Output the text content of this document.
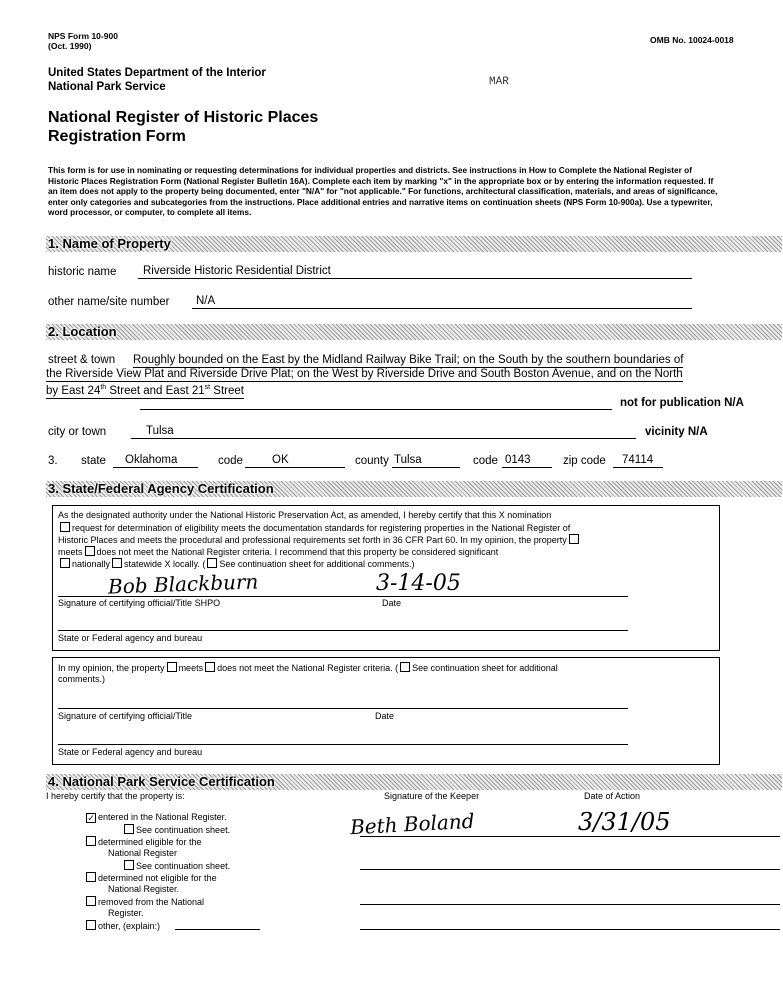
NPS Form 10-900
(Oct. 1990)
OMB No. 10024-0018
United States Department of the Interior
National Park Service	MAR
National Register of Historic Places
Registration Form
This form is for use in nominating or requesting determinations for individual properties and districts. See instructions in How to Complete the National Register of Historic Places Registration Form (National Register Bulletin 16A). Complete each item by marking "x" in the appropriate box or by entering the information requested. If an item does not apply to the property being documented, enter "N/A" for "not applicable." For functions, architectural classification, materials, and areas of significance, enter only categories and subcategories from the instructions. Place additional entries and narrative items on continuation sheets (NPS Form 10-900a). Use a typewriter, word processor, or computer, to complete all items.
1. Name of Property
historic name Riverside Historic Residential District
other name/site number N/A
2. Location
street & town Roughly bounded on the East by the Midland Railway Bike Trail; on the South by the southern boundaries of
the Riverside View Plat and Riverside Drive Plat; on the West by Riverside Drive and South Boston Avenue, and on the North
by East 24th Street and East 21st Street
not for publication N/A
city or town	Tulsa	vicinity N/A
3. state Oklahoma	code	OK	county Tulsa	code 0143	zip code 74114
3. State/Federal Agency Certification
As the designated authority under the National Historic Preservation Act, as amended, I hereby certify that this X nomination
request for determination of eligibility meets the documentation standards for registering properties in the National Register of
Historic Places and meets the procedural and professional requirements set forth in 36 CFR Part 60. In my opinion, the property
meets does not meet the National Register criteria. I recommend that this property be considered significant
nationally statewide X locally. ( See continuation sheet for additional comments.)
Bob Blackburn	3-14-05
Signature of certifying official/Title SHPO	Date
State or Federal agency and bureau
In my opinion, the property meets does not meet the National Register criteria. ( See continuation sheet for additional
comments.)
Signature of certifying official/Title	Date
State or Federal agency and bureau
4. National Park Service Certification
I hereby certify that the property is:	Signature of the Keeper	Date of Action
✓ entered in the National Register.
See continuation sheet.
determined eligible for the
National Register
See continuation sheet.
determined not eligible for the
National Register.
removed from the National
Register.
other, (explain:)
Beth Boland	3/31/05
